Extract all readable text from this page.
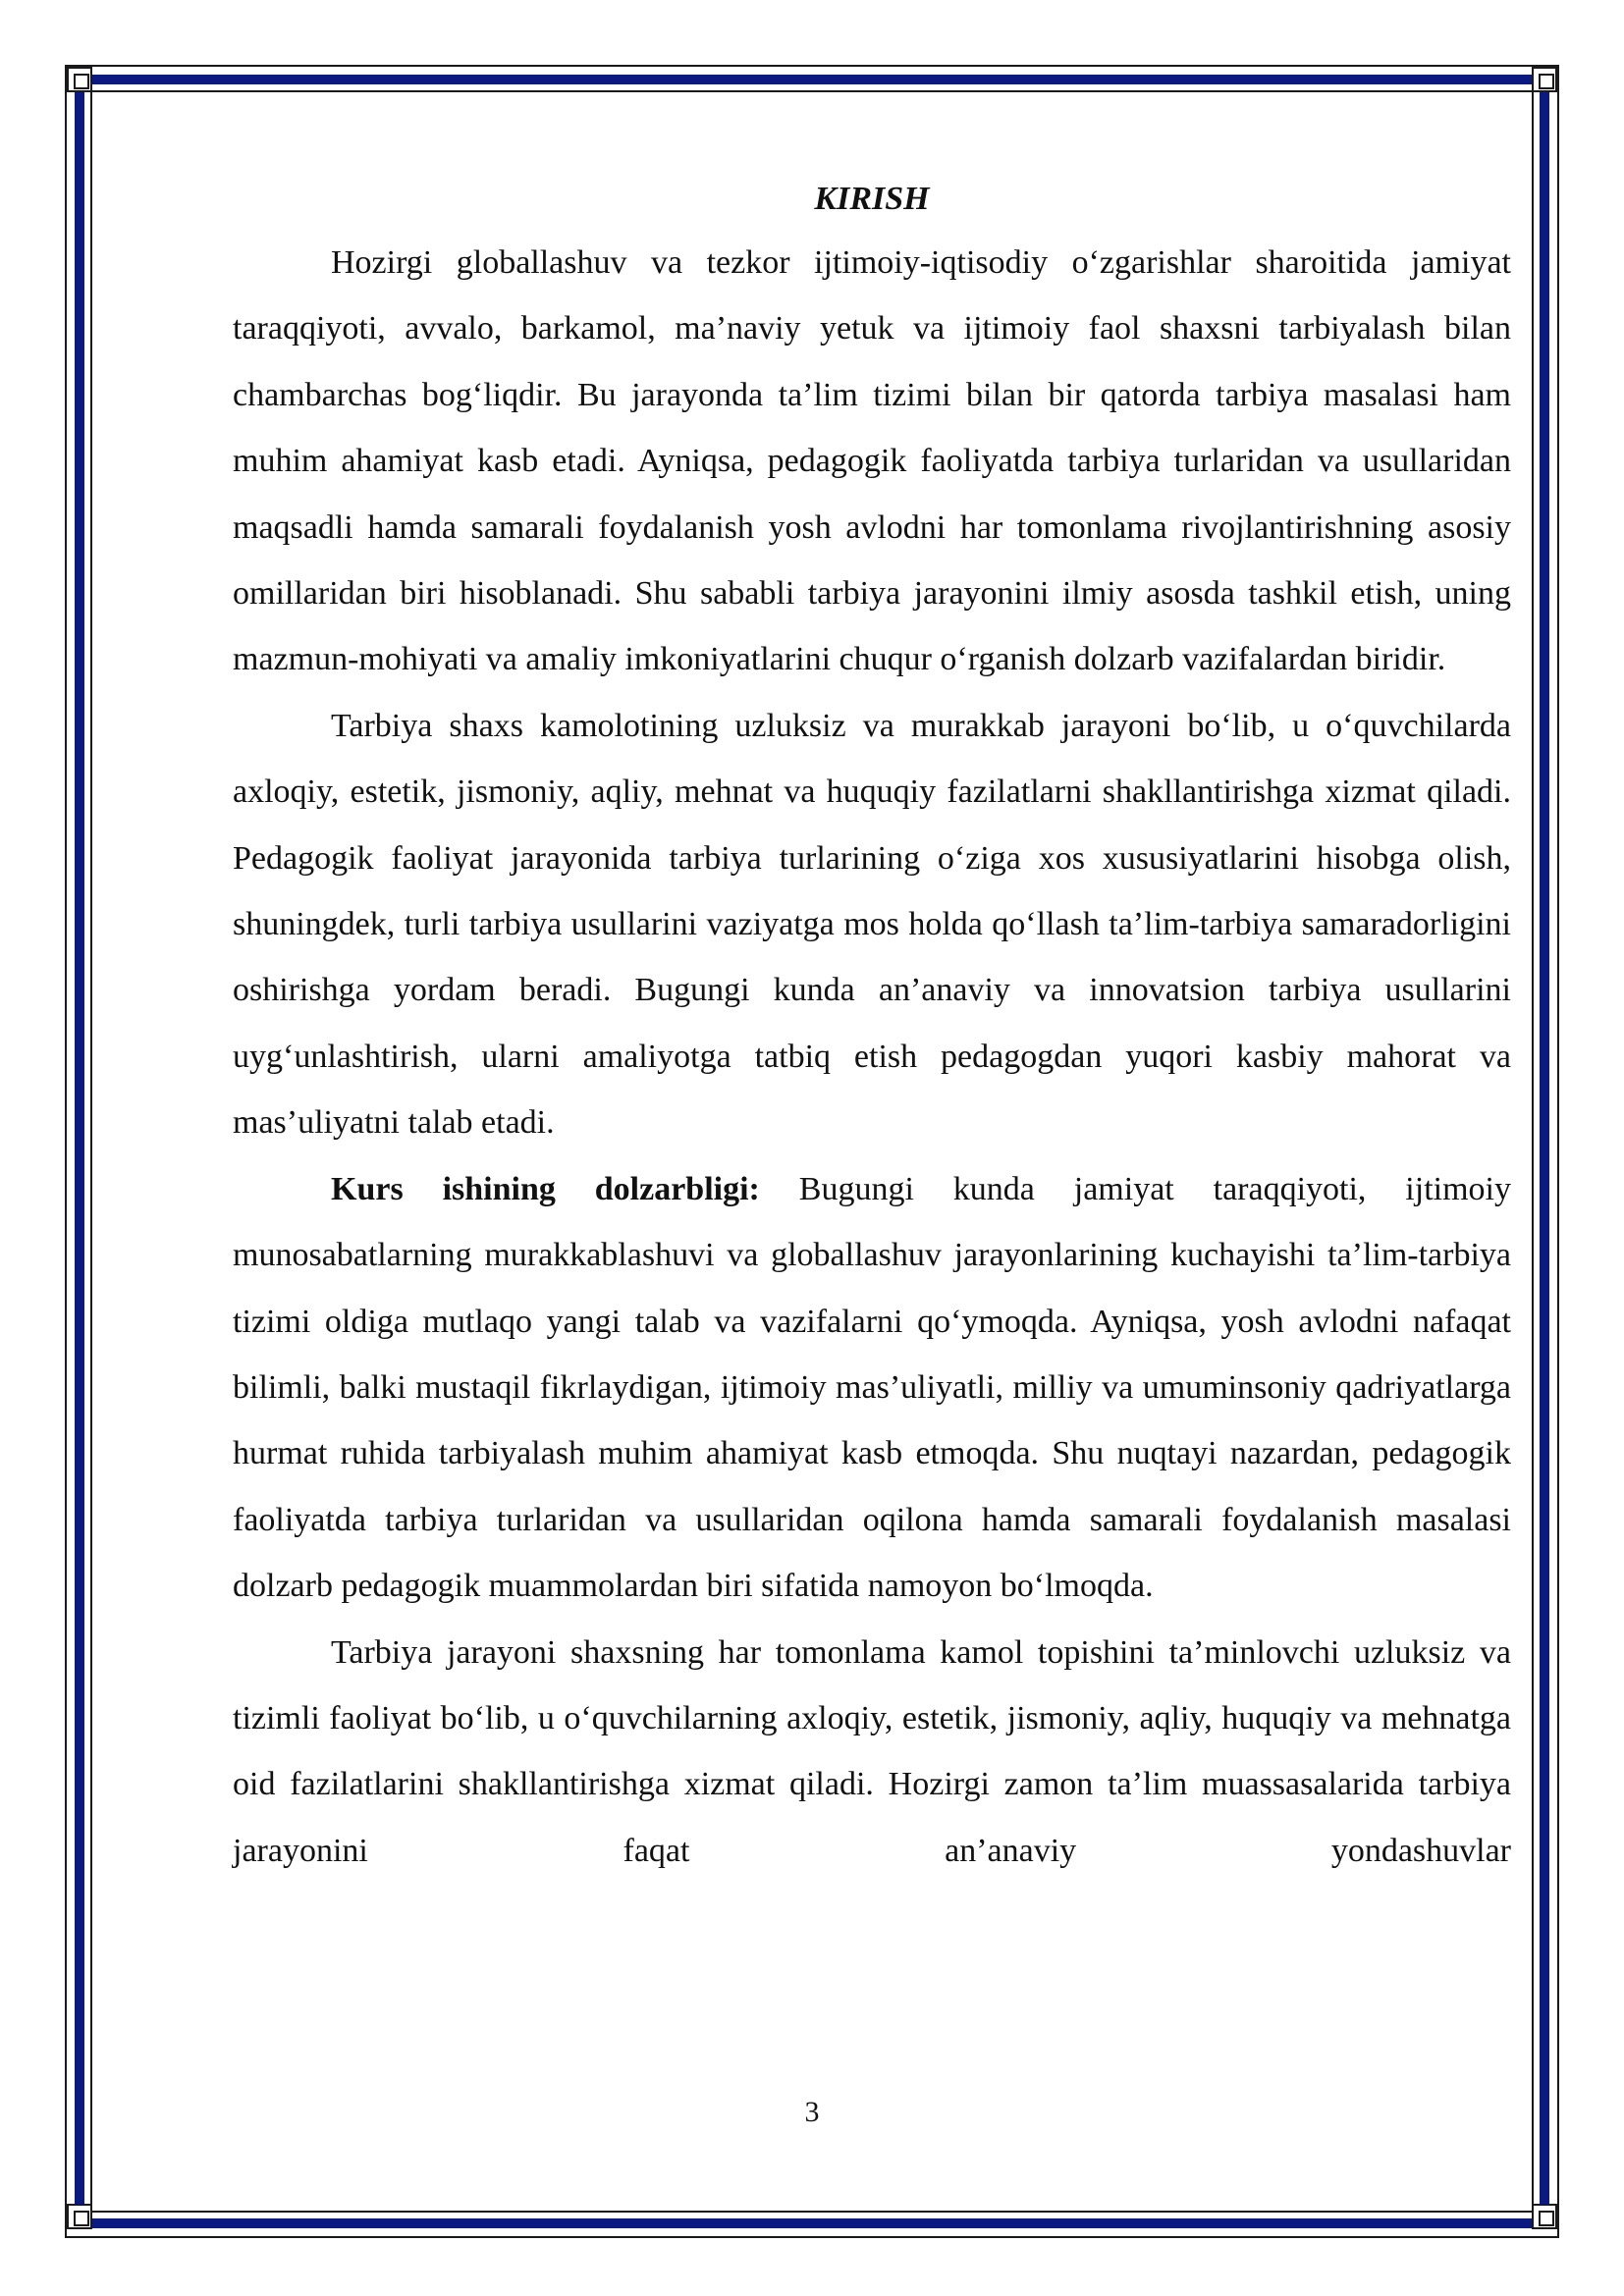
KIRISH

Hozirgi globallashuv va tezkor ijtimoiy-iqtisodiy o‘zgarishlar sharoitida jamiyat taraqqiyoti, avvalo, barkamol, ma’naviy yetuk va ijtimoiy faol shaxsni tarbiyalash bilan chambarchas bog‘liqdir. Bu jarayonda ta’lim tizimi bilan bir qatorda tarbiya masalasi ham muhim ahamiyat kasb etadi. Ayniqsa, pedagogik faoliyatda tarbiya turlaridan va usullaridan maqsadli hamda samarali foydalanish yosh avlodni har tomonlama rivojlantirishning asosiy omillaridan biri hisoblanadi. Shu sababli tarbiya jarayonini ilmiy asosda tashkil etish, uning mazmun-mohiyati va amaliy imkoniyatlarini chuqur o‘rganish dolzarb vazifalardan biridir.

Tarbiya shaxs kamolotining uzluksiz va murakkab jarayoni bo‘lib, u o‘quvchilarda axloqiy, estetik, jismoniy, aqliy, mehnat va huquqiy fazilatlarni shakllantirishga xizmat qiladi. Pedagogik faoliyat jarayonida tarbiya turlarining o‘ziga xos xususiyatlarini hisobga olish, shuningdek, turli tarbiya usullarini vaziyatga mos holda qo‘llash ta’lim-tarbiya samaradorligini oshirishga yordam beradi. Bugungi kunda an’anaviy va innovatsion tarbiya usullarini uyg‘unlashtirish, ularni amaliyotga tatbiq etish pedagogdan yuqori kasbiy mahorat va mas’uliyatni talab etadi.

Kurs ishining dolzarbligi: Bugungi kunda jamiyat taraqqiyoti, ijtimoiy munosabatlarning murakkablashuvi va globallashuv jarayonlarining kuchayishi ta’lim-tarbiya tizimi oldiga mutlaqo yangi talab va vazifalarni qo‘ymoqda. Ayniqsa, yosh avlodni nafaqat bilimli, balki mustaqil fikrlaydigan, ijtimoiy mas’uliyatli, milliy va umuminsoniy qadriyatlarga hurmat ruhida tarbiyalash muhim ahamiyat kasb etmoqda. Shu nuqtayi nazardan, pedagogik faoliyatda tarbiya turlaridan va usullaridan oqilona hamda samarali foydalanish masalasi dolzarb pedagogik muammolardan biri sifatida namoyon bo‘lmoqda.

Tarbiya jarayoni shaxsning har tomonlama kamol topishini ta’minlovchi uzluksiz va tizimli faoliyat bo‘lib, u o‘quvchilarning axloqiy, estetik, jismoniy, aqliy, huquqiy va mehnatga oid fazilatlarini shakllantirishga xizmat qiladi. Hozirgi zamon ta’lim muassasalarida tarbiya jarayonini faqat an’anaviy yondashuvlar

3
